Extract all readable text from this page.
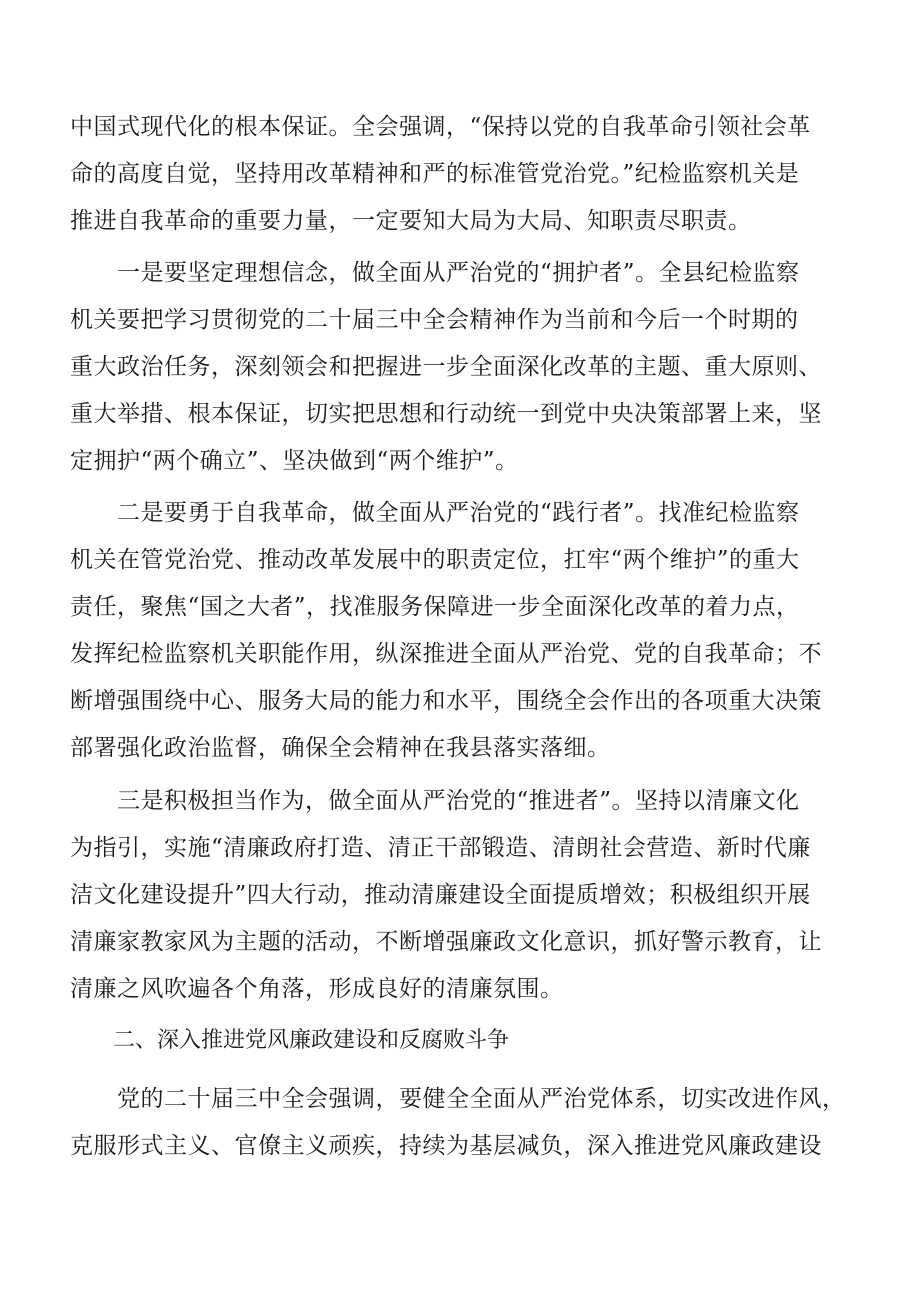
中国式现代化的根本保证。全会强调，“保持以党的自我革命引领社会革
命的高度自觉，坚持用改革精神和严的标准管党治党。”纪检监察机关是
推进自我革命的重要力量，一定要知大局为大局、知职责尽职责。
　　一是要坚定理想信念，做全面从严治党的“拥护者”。全县纪检监察
机关要把学习贯彻党的二十届三中全会精神作为当前和今后一个时期的
重大政治任务，深刻领会和把握进一步全面深化改革的主题、重大原则、
重大举措、根本保证，切实把思想和行动统一到党中央决策部署上来，坚
定拥护“两个确立”、坚决做到“两个维护”。
　　二是要勇于自我革命，做全面从严治党的“践行者”。找准纪检监察
机关在管党治党、推动改革发展中的职责定位，扛牢“两个维护”的重大
责任，聚焦“国之大者”，找准服务保障进一步全面深化改革的着力点，
发挥纪检监察机关职能作用，纵深推进全面从严治党、党的自我革命；不
断增强围绕中心、服务大局的能力和水平，围绕全会作出的各项重大决策
部署强化政治监督，确保全会精神在我县落实落细。
　　三是积极担当作为，做全面从严治党的“推进者”。坚持以清廉文化
为指引，实施“清廉政府打造、清正干部锻造、清朗社会营造、新时代廉
洁文化建设提升”四大行动，推动清廉建设全面提质增效；积极组织开展
清廉家教家风为主题的活动，不断增强廉政文化意识，抓好警示教育，让
清廉之风吹遍各个角落，形成良好的清廉氛围。
二、深入推进党风廉政建设和反腐败斗争
　　党的二十届三中全会强调，要健全全面从严治党体系，切实改进作风，
克服形式主义、官僚主义顽疾，持续为基层减负，深入推进党风廉政建设
